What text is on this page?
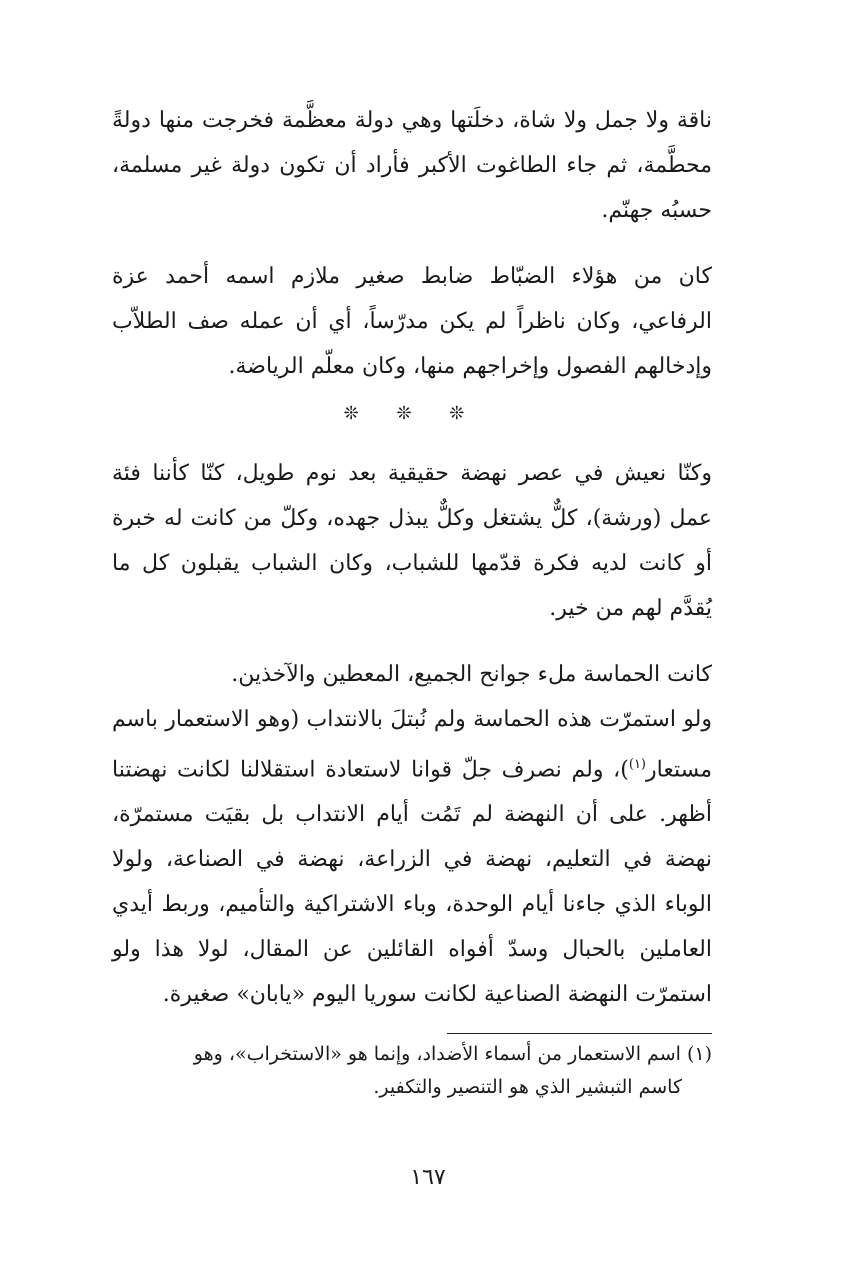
ناقة ولا جمل ولا شاة، دخلَتها وهي دولة معظَّمة فخرجت منها دولةً محطَّمة، ثم جاء الطاغوت الأكبر فأراد أن تكون دولة غير مسلمة، حسبُه جهنّم.

كان من هؤلاء الضبّاط ضابط صغير ملازم اسمه أحمد عزة الرفاعي، وكان ناظراً لم يكن مدرّساً، أي أن عمله صف الطلاّب وإدخالهم الفصول وإخراجهم منها، وكان معلّم الرياضة.

❊ ❊ ❊

وكنّا نعيش في عصر نهضة حقيقية بعد نوم طويل، كنّا كأننا فئة عمل (ورشة)، كلٌّ يشتغل وكلٌّ يبذل جهده، وكلّ من كانت له خبرة أو كانت لديه فكرة قدّمها للشباب، وكان الشباب يقبلون كل ما يُقدَّم لهم من خير.

كانت الحماسة ملء جوانح الجميع، المعطين والآخذين.
ولو استمرّت هذه الحماسة ولم نُبتلَ بالانتداب (وهو الاستعمار باسم مستعار$^{(١)}$)، ولم نصرف جلّ قوانا لاستعادة استقلالنا لكانت نهضتنا أظهر. على أن النهضة لم تَمُت أيام الانتداب بل بقيَت مستمرّة، نهضة في التعليم، نهضة في الزراعة، نهضة في الصناعة، ولولا الوباء الذي جاءنا أيام الوحدة، وباء الاشتراكية والتأميم، وربط أيدي العاملين بالحبال وسدّ أفواه القائلين عن المقال، لولا هذا ولو استمرّت النهضة الصناعية لكانت سوريا اليوم «يابان» صغيرة.

(١) اسم الاستعمار من أسماء الأضداد، وإنما هو «الاستخراب»، وهو
كاسم التبشير الذي هو التنصير والتكفير.
١٦٧
